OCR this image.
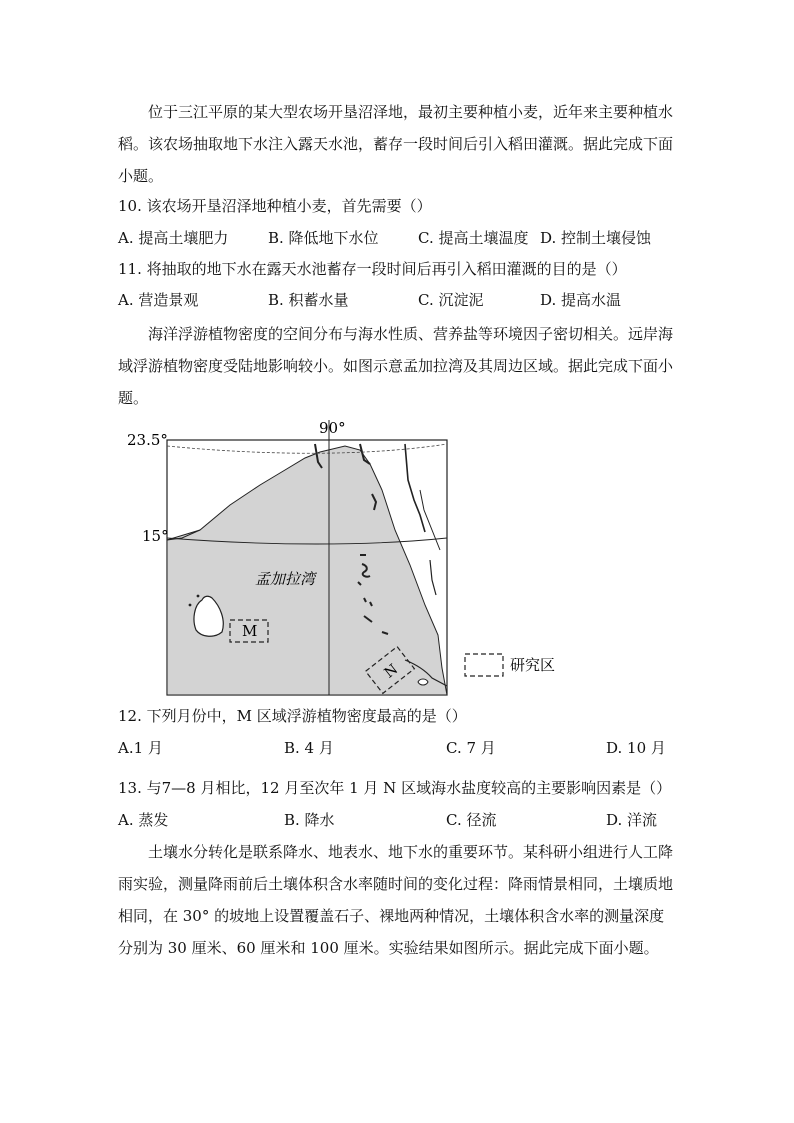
位于三江平原的某大型农场开垦沼泽地，最初主要种植小麦，近年来主要种植水稻。该农场抽取地下水注入露天水池，蓄存一段时间后引入稻田灌溉。据此完成下面小题。
10. 该农场开垦沼泽地种植小麦，首先需要（）
A. 提高土壤肥力	B. 降低地下水位	C. 提高土壤温度 D. 控制土壤侵蚀
11. 将抽取的地下水在露天水池蓄存一段时间后再引入稻田灌溉的目的是（）
A. 营造景观	B. 积蓄水量	C. 沉淀泥	D. 提高水温
海洋浮游植物密度的空间分布与海水性质、营养盐等环境因子密切相关。远岸海域浮游植物密度受陆地影响较小。如图示意孟加拉湾及其周边区域。据此完成下面小题。
90°
23.5°
15°
孟加拉湾
M
N	研究区
12. 下列月份中，M 区域浮游植物密度最高的是（）
A.1 月	B. 4 月	C. 7 月	D. 10 月
13. 与7—8 月相比，12 月至次年 1 月 N 区域海水盐度较高的主要影响因素是（）
A. 蒸发	B. 降水	C. 径流	D. 洋流
土壤水分转化是联系降水、地表水、地下水的重要环节。某科研小组进行人工降雨实验，测量降雨前后土壤体积含水率随时间的变化过程：降雨情景相同，土壤质地相同，在 30° 的坡地上设置覆盖石子、裸地两种情况，土壤体积含水率的测量深度分别为 30 厘米、60 厘米和 100 厘米。实验结果如图所示。据此完成下面小题。
